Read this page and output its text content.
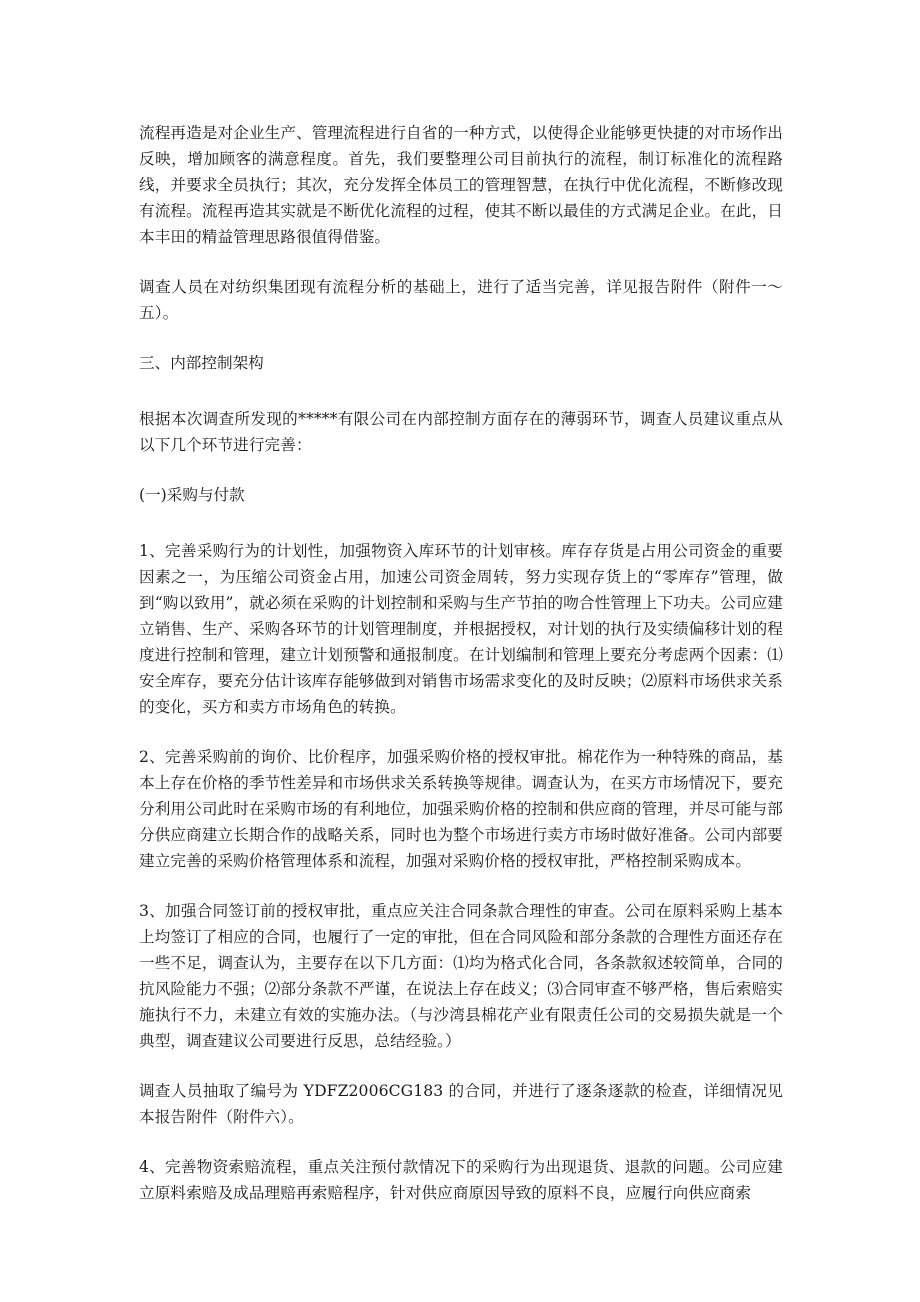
流程再造是对企业生产、管理流程进行自省的一种方式，以使得企业能够更快捷的对市场作出反映，增加顾客的满意程度。首先，我们要整理公司目前执行的流程，制订标准化的流程路线，并要求全员执行；其次，充分发挥全体员工的管理智慧，在执行中优化流程，不断修改现有流程。流程再造其实就是不断优化流程的过程，使其不断以最佳的方式满足企业。在此，日本丰田的精益管理思路很值得借鉴。

调查人员在对纺织集团现有流程分析的基础上，进行了适当完善，详见报告附件（附件一～五）。

三、内部控制架构

根据本次调查所发现的*****有限公司在内部控制方面存在的薄弱环节，调查人员建议重点从以下几个环节进行完善：

(一)采购与付款

1、完善采购行为的计划性，加强物资入库环节的计划审核。库存存货是占用公司资金的重要因素之一，为压缩公司资金占用，加速公司资金周转，努力实现存货上的“零库存”管理，做到“购以致用”，就必须在采购的计划控制和采购与生产节拍的吻合性管理上下功夫。公司应建立销售、生产、采购各环节的计划管理制度，并根据授权，对计划的执行及实绩偏移计划的程度进行控制和管理，建立计划预警和通报制度。在计划编制和管理上要充分考虑两个因素：⑴安全库存，要充分估计该库存能够做到对销售市场需求变化的及时反映；⑵原料市场供求关系的变化，买方和卖方市场角色的转换。

2、完善采购前的询价、比价程序，加强采购价格的授权审批。棉花作为一种特殊的商品，基本上存在价格的季节性差异和市场供求关系转换等规律。调查认为，在买方市场情况下，要充分利用公司此时在采购市场的有利地位，加强采购价格的控制和供应商的管理，并尽可能与部分供应商建立长期合作的战略关系，同时也为整个市场进行卖方市场时做好准备。公司内部要建立完善的采购价格管理体系和流程，加强对采购价格的授权审批，严格控制采购成本。

3、加强合同签订前的授权审批，重点应关注合同条款合理性的审查。公司在原料采购上基本上均签订了相应的合同，也履行了一定的审批，但在合同风险和部分条款的合理性方面还存在一些不足，调查认为，主要存在以下几方面：⑴均为格式化合同，各条款叙述较简单，合同的抗风险能力不强；⑵部分条款不严谨，在说法上存在歧义；⑶合同审查不够严格，售后索赔实施执行不力，未建立有效的实施办法。（与沙湾县棉花产业有限责任公司的交易损失就是一个典型，调查建议公司要进行反思，总结经验。）

调查人员抽取了编号为 YDFZ2006CG183 的合同，并进行了逐条逐款的检查，详细情况见本报告附件（附件六）。

4、完善物资索赔流程，重点关注预付款情况下的采购行为出现退货、退款的问题。公司应建立原料索赔及成品理赔再索赔程序，针对供应商原因导致的原料不良，应履行向供应商索
